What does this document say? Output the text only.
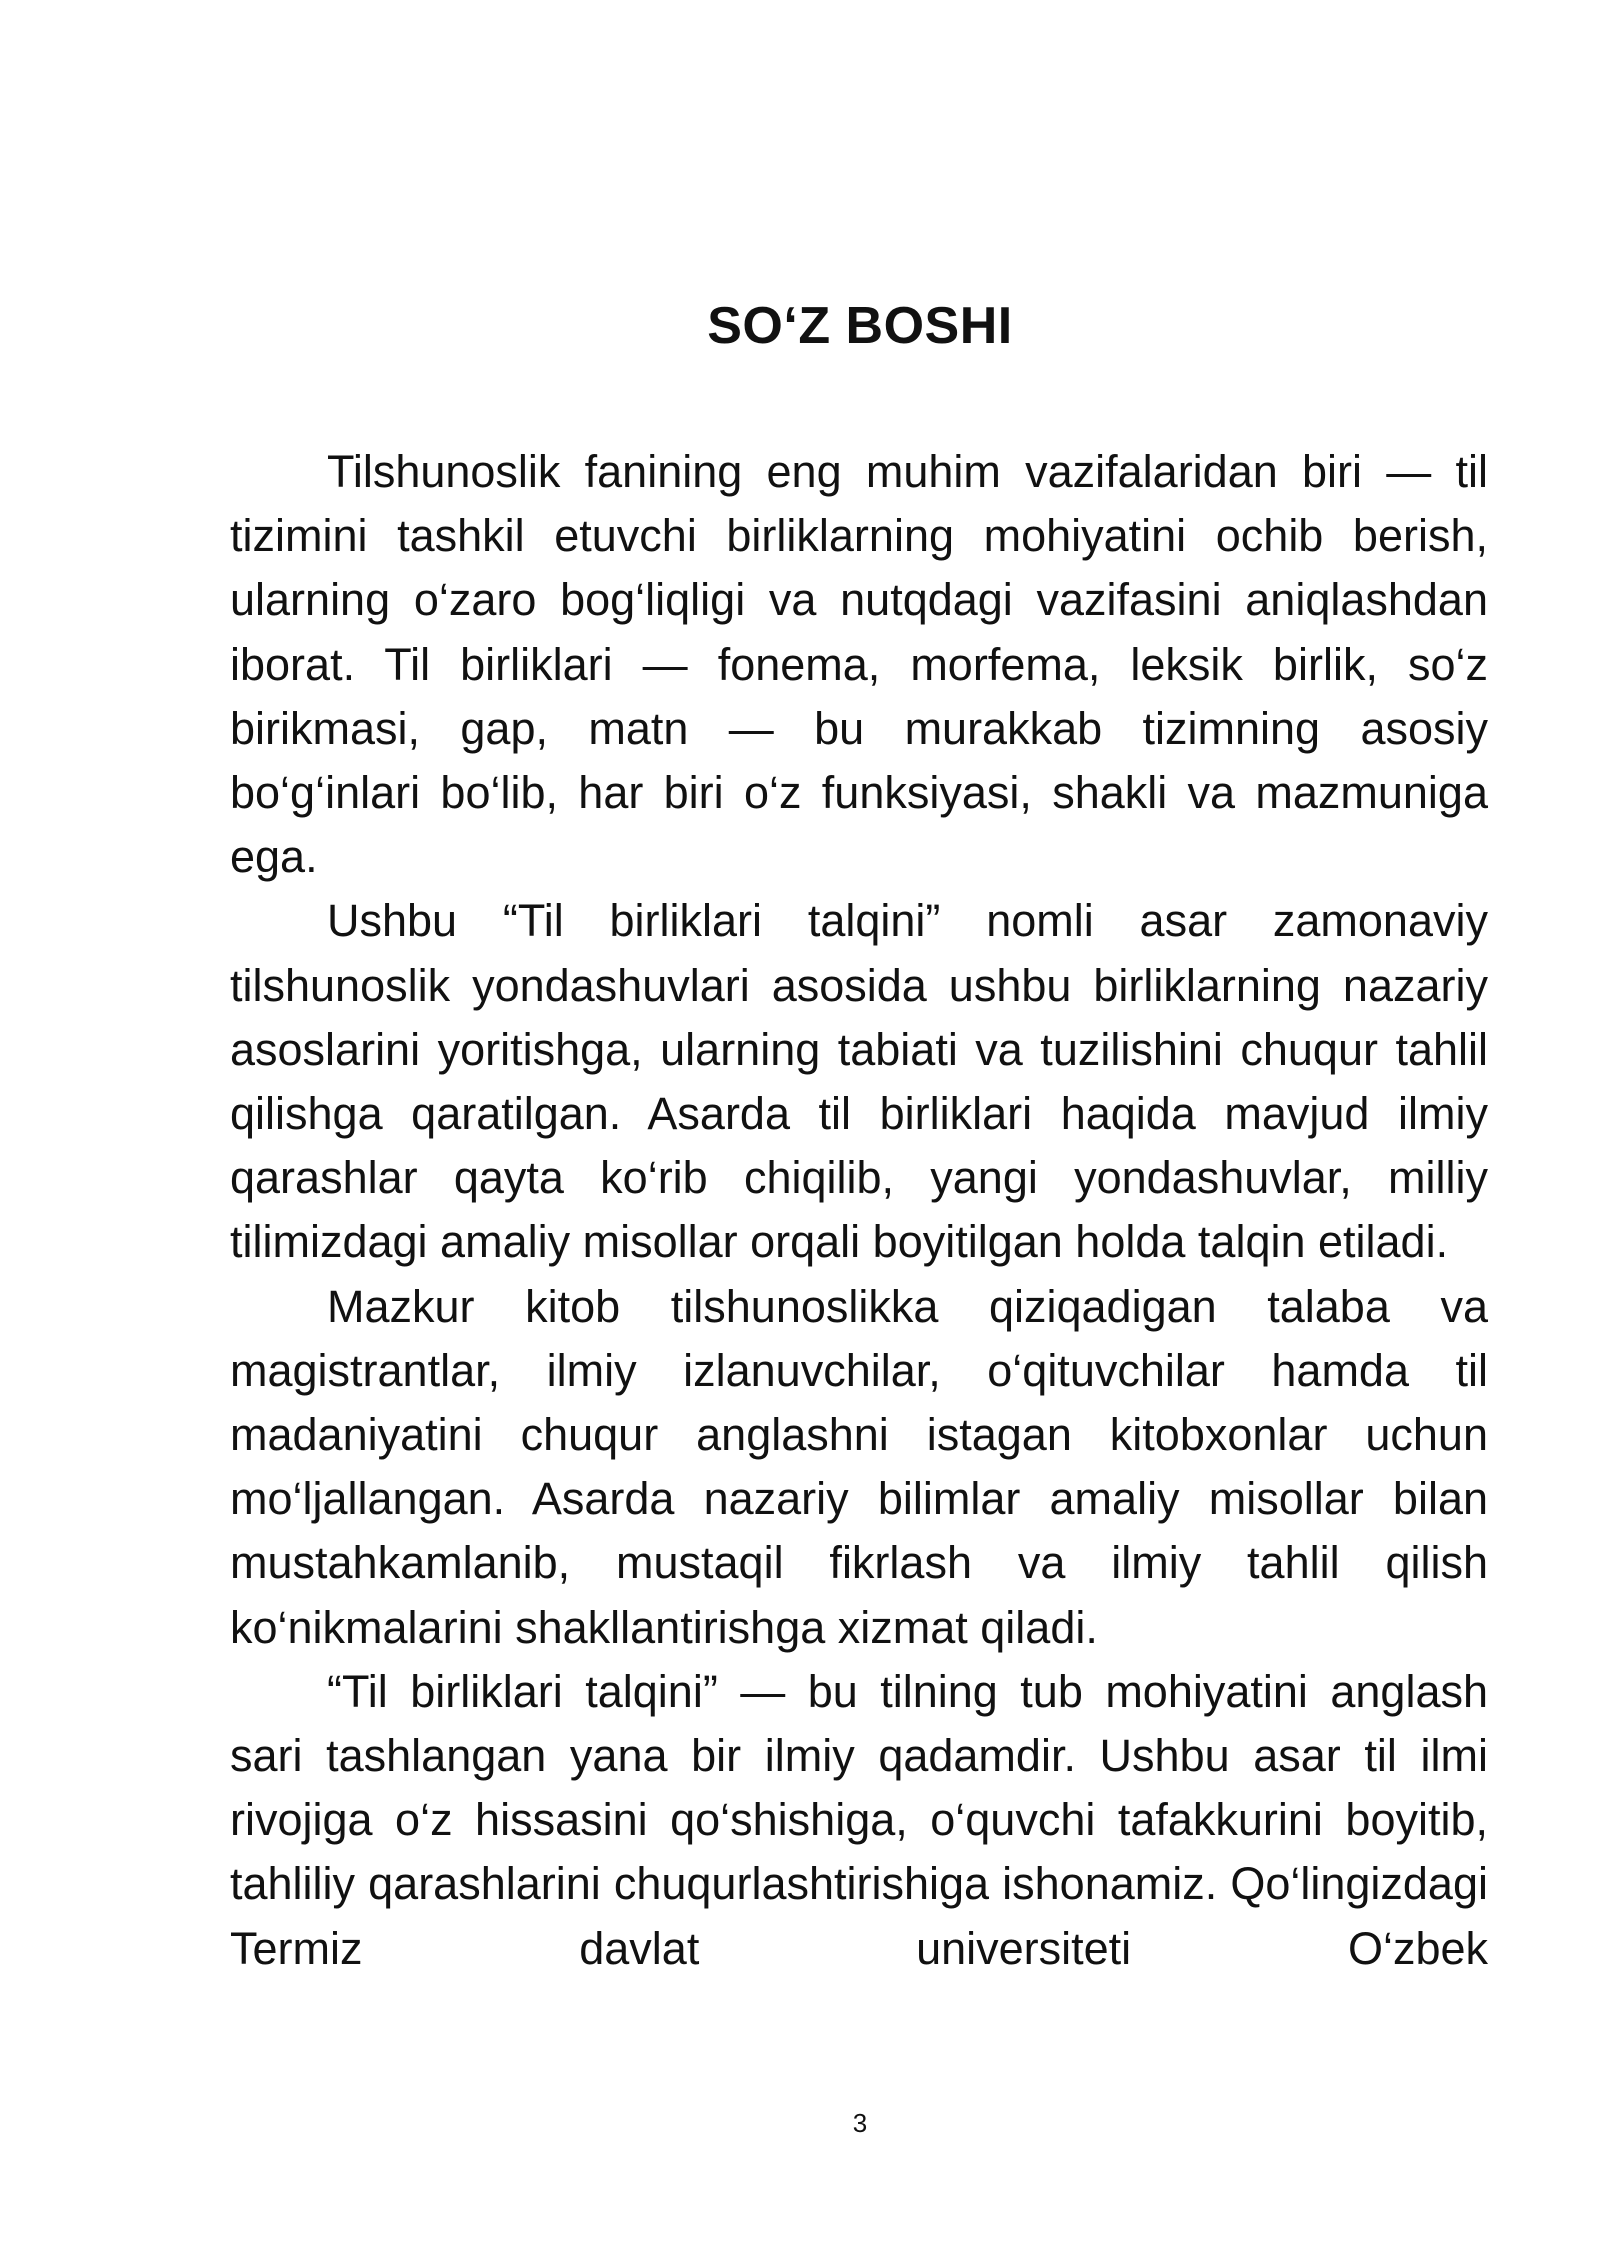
SO‘Z BOSHI

Tilshunoslik fanining eng muhim vazifalaridan biri — til tizimini tashkil etuvchi birliklarning mohiyatini ochib berish, ularning o‘zaro bog‘liqligi va nutqdagi vazifasini aniqlashdan iborat. Til birliklari — fonema, morfema, leksik birlik, so‘z birikmasi, gap, matn — bu murakkab tizimning asosiy bo‘g‘inlari bo‘lib, har biri o‘z funksiyasi, shakli va mazmuniga ega.

Ushbu “Til birliklari talqini” nomli asar zamonaviy tilshunoslik yondashuvlari asosida ushbu birliklarning nazariy asoslarini yoritishga, ularning tabiati va tuzilishini chuqur tahlil qilishga qaratilgan. Asarda til birliklari haqida mavjud ilmiy qarashlar qayta ko‘rib chiqilib, yangi yondashuvlar, milliy tilimizdagi amaliy misollar orqali boyitilgan holda talqin etiladi.

Mazkur kitob tilshunoslikka qiziqadigan talaba va magistrantlar, ilmiy izlanuvchilar, o‘qituvchilar hamda til madaniyatini chuqur anglashni istagan kitobxonlar uchun mo‘ljallangan. Asarda nazariy bilimlar amaliy misollar bilan mustahkamlanib, mustaqil fikrlash va ilmiy tahlil qilish ko‘nikmalarini shakllantirishga xizmat qiladi.

“Til birliklari talqini” — bu tilning tub mohiyatini anglash sari tashlangan yana bir ilmiy qadamdir. Ushbu asar til ilmi rivojiga o‘z hissasini qo‘shishiga, o‘quvchi tafakkurini boyitib, tahliliy qarashlarini chuqurlashtirishiga ishonamiz. Qo‘lingizdagi Termiz davlat universiteti O‘zbek

3
